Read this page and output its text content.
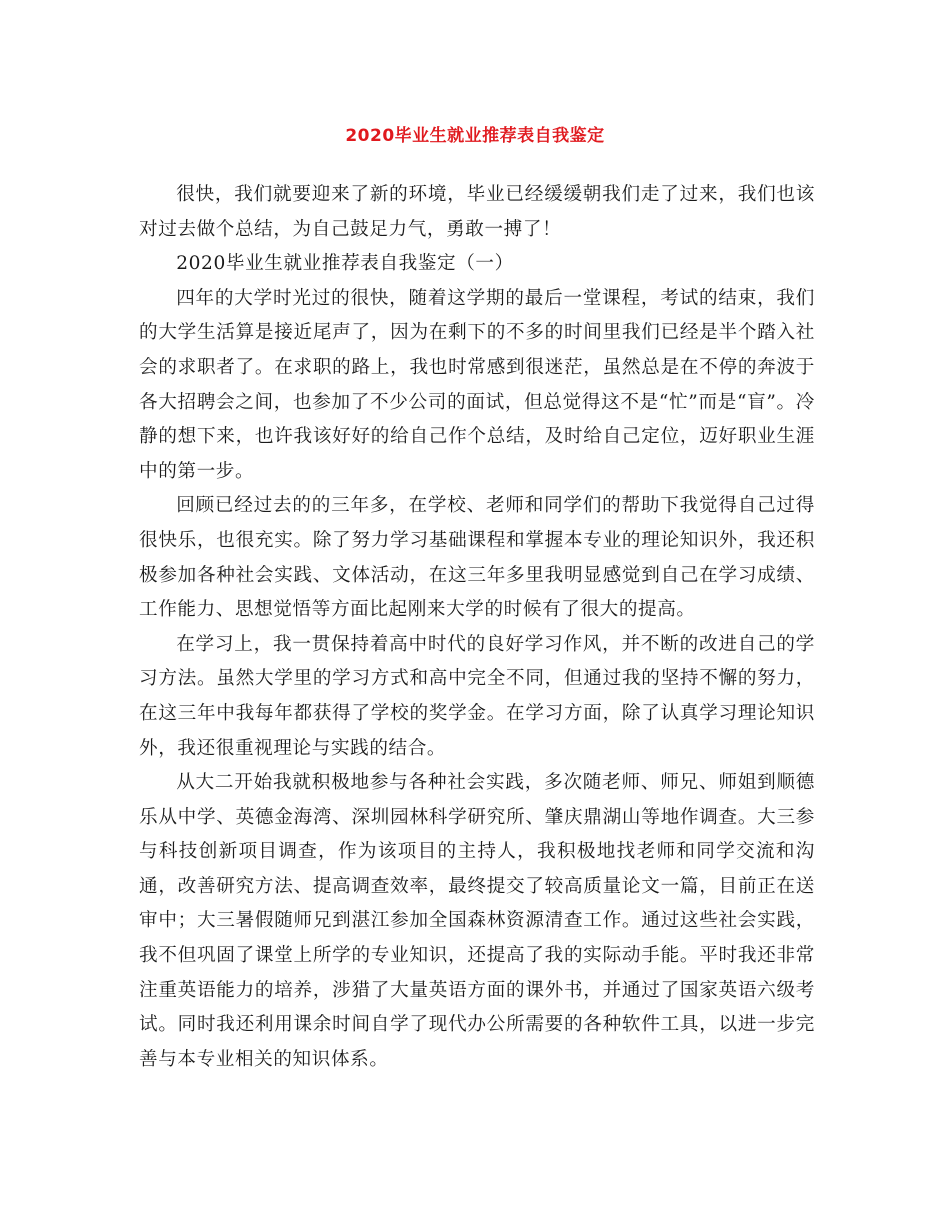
2020毕业生就业推荐表自我鉴定

很快，我们就要迎来了新的环境，毕业已经缓缓朝我们走了过来，我们也该对过去做个总结，为自己鼓足力气，勇敢一搏了！

2020毕业生就业推荐表自我鉴定（一）

四年的大学时光过的很快，随着这学期的最后一堂课程，考试的结束，我们的大学生活算是接近尾声了，因为在剩下的不多的时间里我们已经是半个踏入社会的求职者了。在求职的路上，我也时常感到很迷茫，虽然总是在不停的奔波于各大招聘会之间，也参加了不少公司的面试，但总觉得这不是“忙”而是“盲”。冷静的想下来，也许我该好好的给自己作个总结，及时给自己定位，迈好职业生涯中的第一步。

回顾已经过去的的三年多，在学校、老师和同学们的帮助下我觉得自己过得很快乐，也很充实。除了努力学习基础课程和掌握本专业的理论知识外，我还积极参加各种社会实践、文体活动，在这三年多里我明显感觉到自己在学习成绩、工作能力、思想觉悟等方面比起刚来大学的时候有了很大的提高。

在学习上，我一贯保持着高中时代的良好学习作风，并不断的改进自己的学习方法。虽然大学里的学习方式和高中完全不同，但通过我的坚持不懈的努力，在这三年中我每年都获得了学校的奖学金。在学习方面，除了认真学习理论知识外，我还很重视理论与实践的结合。

从大二开始我就积极地参与各种社会实践，多次随老师、师兄、师姐到顺德乐从中学、英德金海湾、深圳园林科学研究所、肇庆鼎湖山等地作调查。大三参与科技创新项目调查，作为该项目的主持人，我积极地找老师和同学交流和沟通，改善研究方法、提高调查效率，最终提交了较高质量论文一篇，目前正在送审中；大三暑假随师兄到湛江参加全国森林资源清查工作。通过这些社会实践，我不但巩固了课堂上所学的专业知识，还提高了我的实际动手能。平时我还非常注重英语能力的培养，涉猎了大量英语方面的课外书，并通过了国家英语六级考试。同时我还利用课余时间自学了现代办公所需要的各种软件工具，以进一步完善与本专业相关的知识体系。
